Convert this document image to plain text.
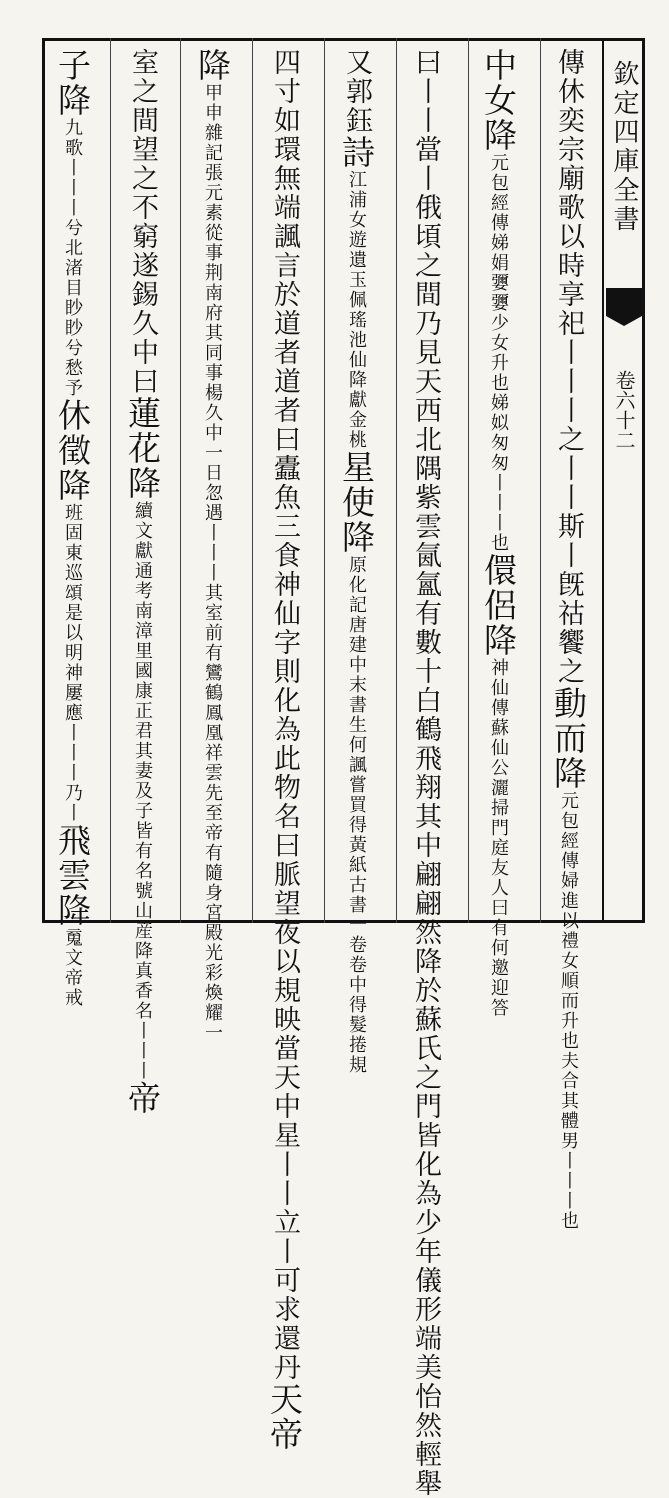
欽定四庫全書
卷六十二
傳休奕宗廟歌以時享祀丨丨丨之丨丨斯丨旣祜饗之動而降元包經傳婦進以禮女順而升也夫合其體男丨丨丨也
中女降元包經傳娣娟㜷㜷少女升也娣姒匆匆丨丨丨也儇侶降神仙傳蘇仙公灑掃門庭友人曰有何邀迎答
曰丨丨當丨俄頃之間乃見天西北隅紫雲氤氳有數十白鶴飛翔其中翩翩然降於蘇氏之門皆化為少年儀形端美怡然輕舉
又郭鈺詩江浦女遊遺玉佩瑤池仙降獻金桃星使降原化記唐建中末書生何諷嘗買得黃紙古書一卷卷中得髮捲規
四寸如環無端諷言於道者道者曰蠹魚三食神仙字則化為此物名曰脈望夜以規映當天中星丨丨立丨可求還丹天帝
降甲申雜記張元素從事荆南府其同事楊久中一日忽遇丨丨丨其室前有鸞鶴鳳凰祥雲先至帝有隨身宮殿光彩煥耀一
室之間望之不窮遂錫久中曰蓮花降續文獻通考南漳里國康正君其妻及子皆有名號山産降真香名丨丨丨帝
子降九歌丨丨丨兮北渚目眇眇兮愁予休徵降班固東巡頌是以明神屢應丨丨丨乃丨飛雲降䰟文帝戒
